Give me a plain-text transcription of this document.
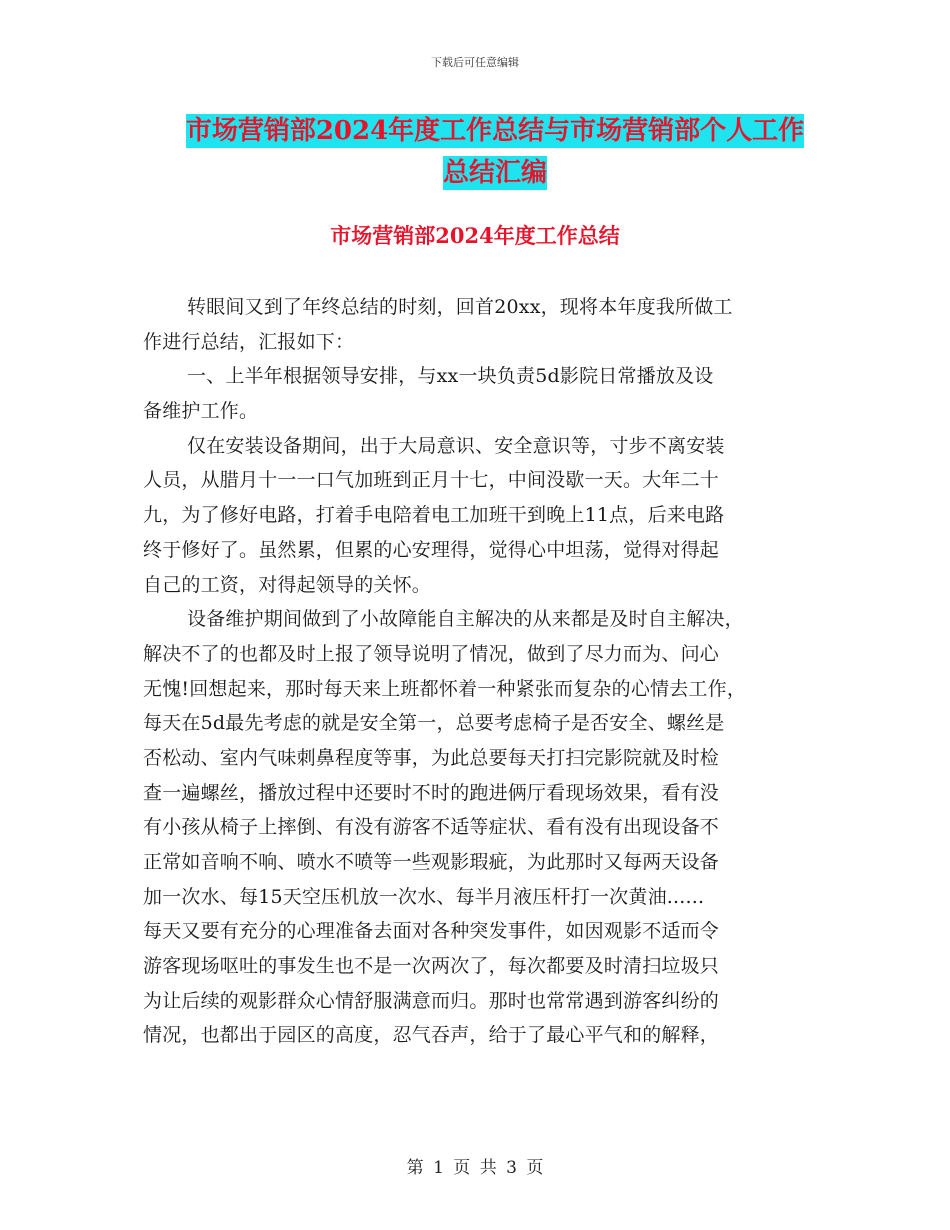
下载后可任意编辑
市场营销部2024年度工作总结与市场营销部个人工作
总结汇编
市场营销部2024年度工作总结
转眼间又到了年终总结的时刻，回首20xx，现将本年度我所做工
作进行总结，汇报如下：
一、上半年根据领导安排，与xx一块负责5d影院日常播放及设
备维护工作。
仅在安装设备期间，出于大局意识、安全意识等，寸步不离安装
人员，从腊月十一一口气加班到正月十七，中间没歇一天。大年二十
九，为了修好电路，打着手电陪着电工加班干到晚上11点，后来电路
终于修好了。虽然累，但累的心安理得，觉得心中坦荡，觉得对得起
自己的工资，对得起领导的关怀。
设备维护期间做到了小故障能自主解决的从来都是及时自主解决，
解决不了的也都及时上报了领导说明了情况，做到了尽力而为、问心
无愧!回想起来，那时每天来上班都怀着一种紧张而复杂的心情去工作，
每天在5d最先考虑的就是安全第一，总要考虑椅子是否安全、螺丝是
否松动、室内气味刺鼻程度等事，为此总要每天打扫完影院就及时检
查一遍螺丝，播放过程中还要时不时的跑进俩厅看现场效果，看有没
有小孩从椅子上摔倒、有没有游客不适等症状、看有没有出现设备不
正常如音响不响、喷水不喷等一些观影瑕疵，为此那时又每两天设备
加一次水、每15天空压机放一次水、每半月液压杆打一次黄油......
每天又要有充分的心理准备去面对各种突发事件，如因观影不适而令
游客现场呕吐的事发生也不是一次两次了，每次都要及时清扫垃圾只
为让后续的观影群众心情舒服满意而归。那时也常常遇到游客纠纷的
情况，也都出于园区的高度，忍气吞声，给于了最心平气和的解释，
第 1 页 共 3 页
